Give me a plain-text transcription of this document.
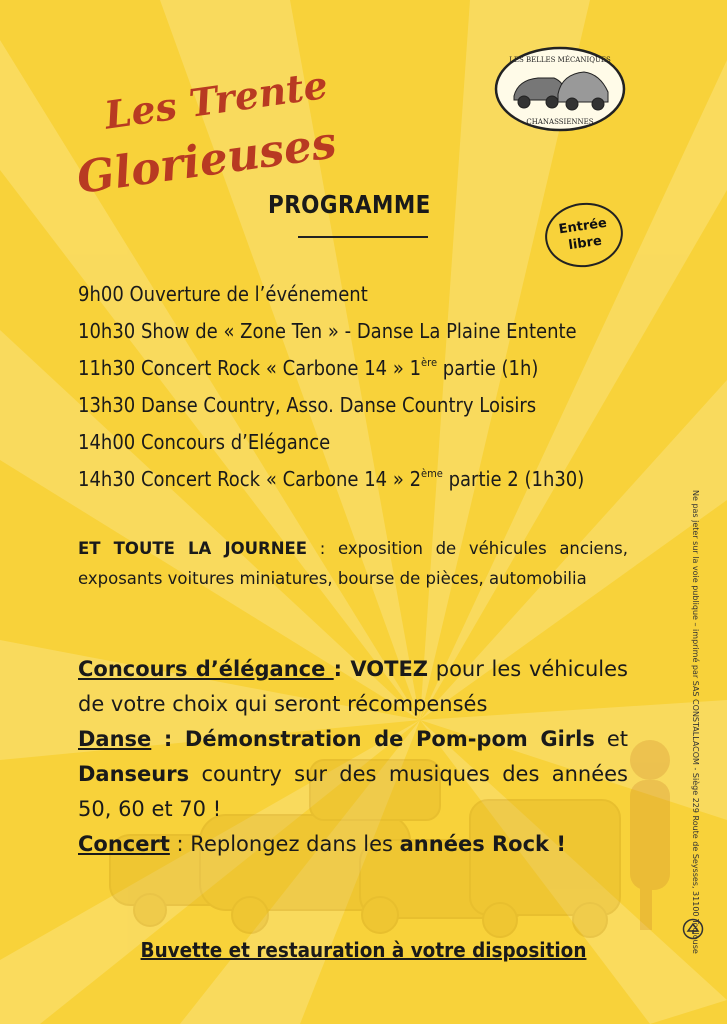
Les Trente
Glorieuses
LES BELLES MÉCANIQUES
CHANASSIENNES
PROGRAMME
Entrée
libre
9h00 Ouverture de l’événement
10h30 Show de « Zone Ten » - Danse La Plaine Entente
11h30 Concert Rock « Carbone 14 » 1ère partie (1h)
13h30 Danse Country, Asso. Danse Country Loisirs
14h00 Concours d’Elégance
14h30 Concert Rock « Carbone 14 » 2ème partie 2 (1h30)

ET TOUTE LA JOURNEE : exposition de véhicules anciens, exposants voitures miniatures, bourse de pièces, automobilia

Concours d’élégance : VOTEZ pour les véhicules de votre choix qui seront récompensés
Danse : Démonstration de Pom-pom Girls et Danseurs country sur des musiques des années 50, 60 et 70 !
Concert : Replongez dans les années Rock !
Buvette et restauration à votre disposition	Ne pas jeter sur la voie publique – imprimé par SAS CONSTALLACOM - Siège 229 Route de Seysses, 31100 Toulouse
